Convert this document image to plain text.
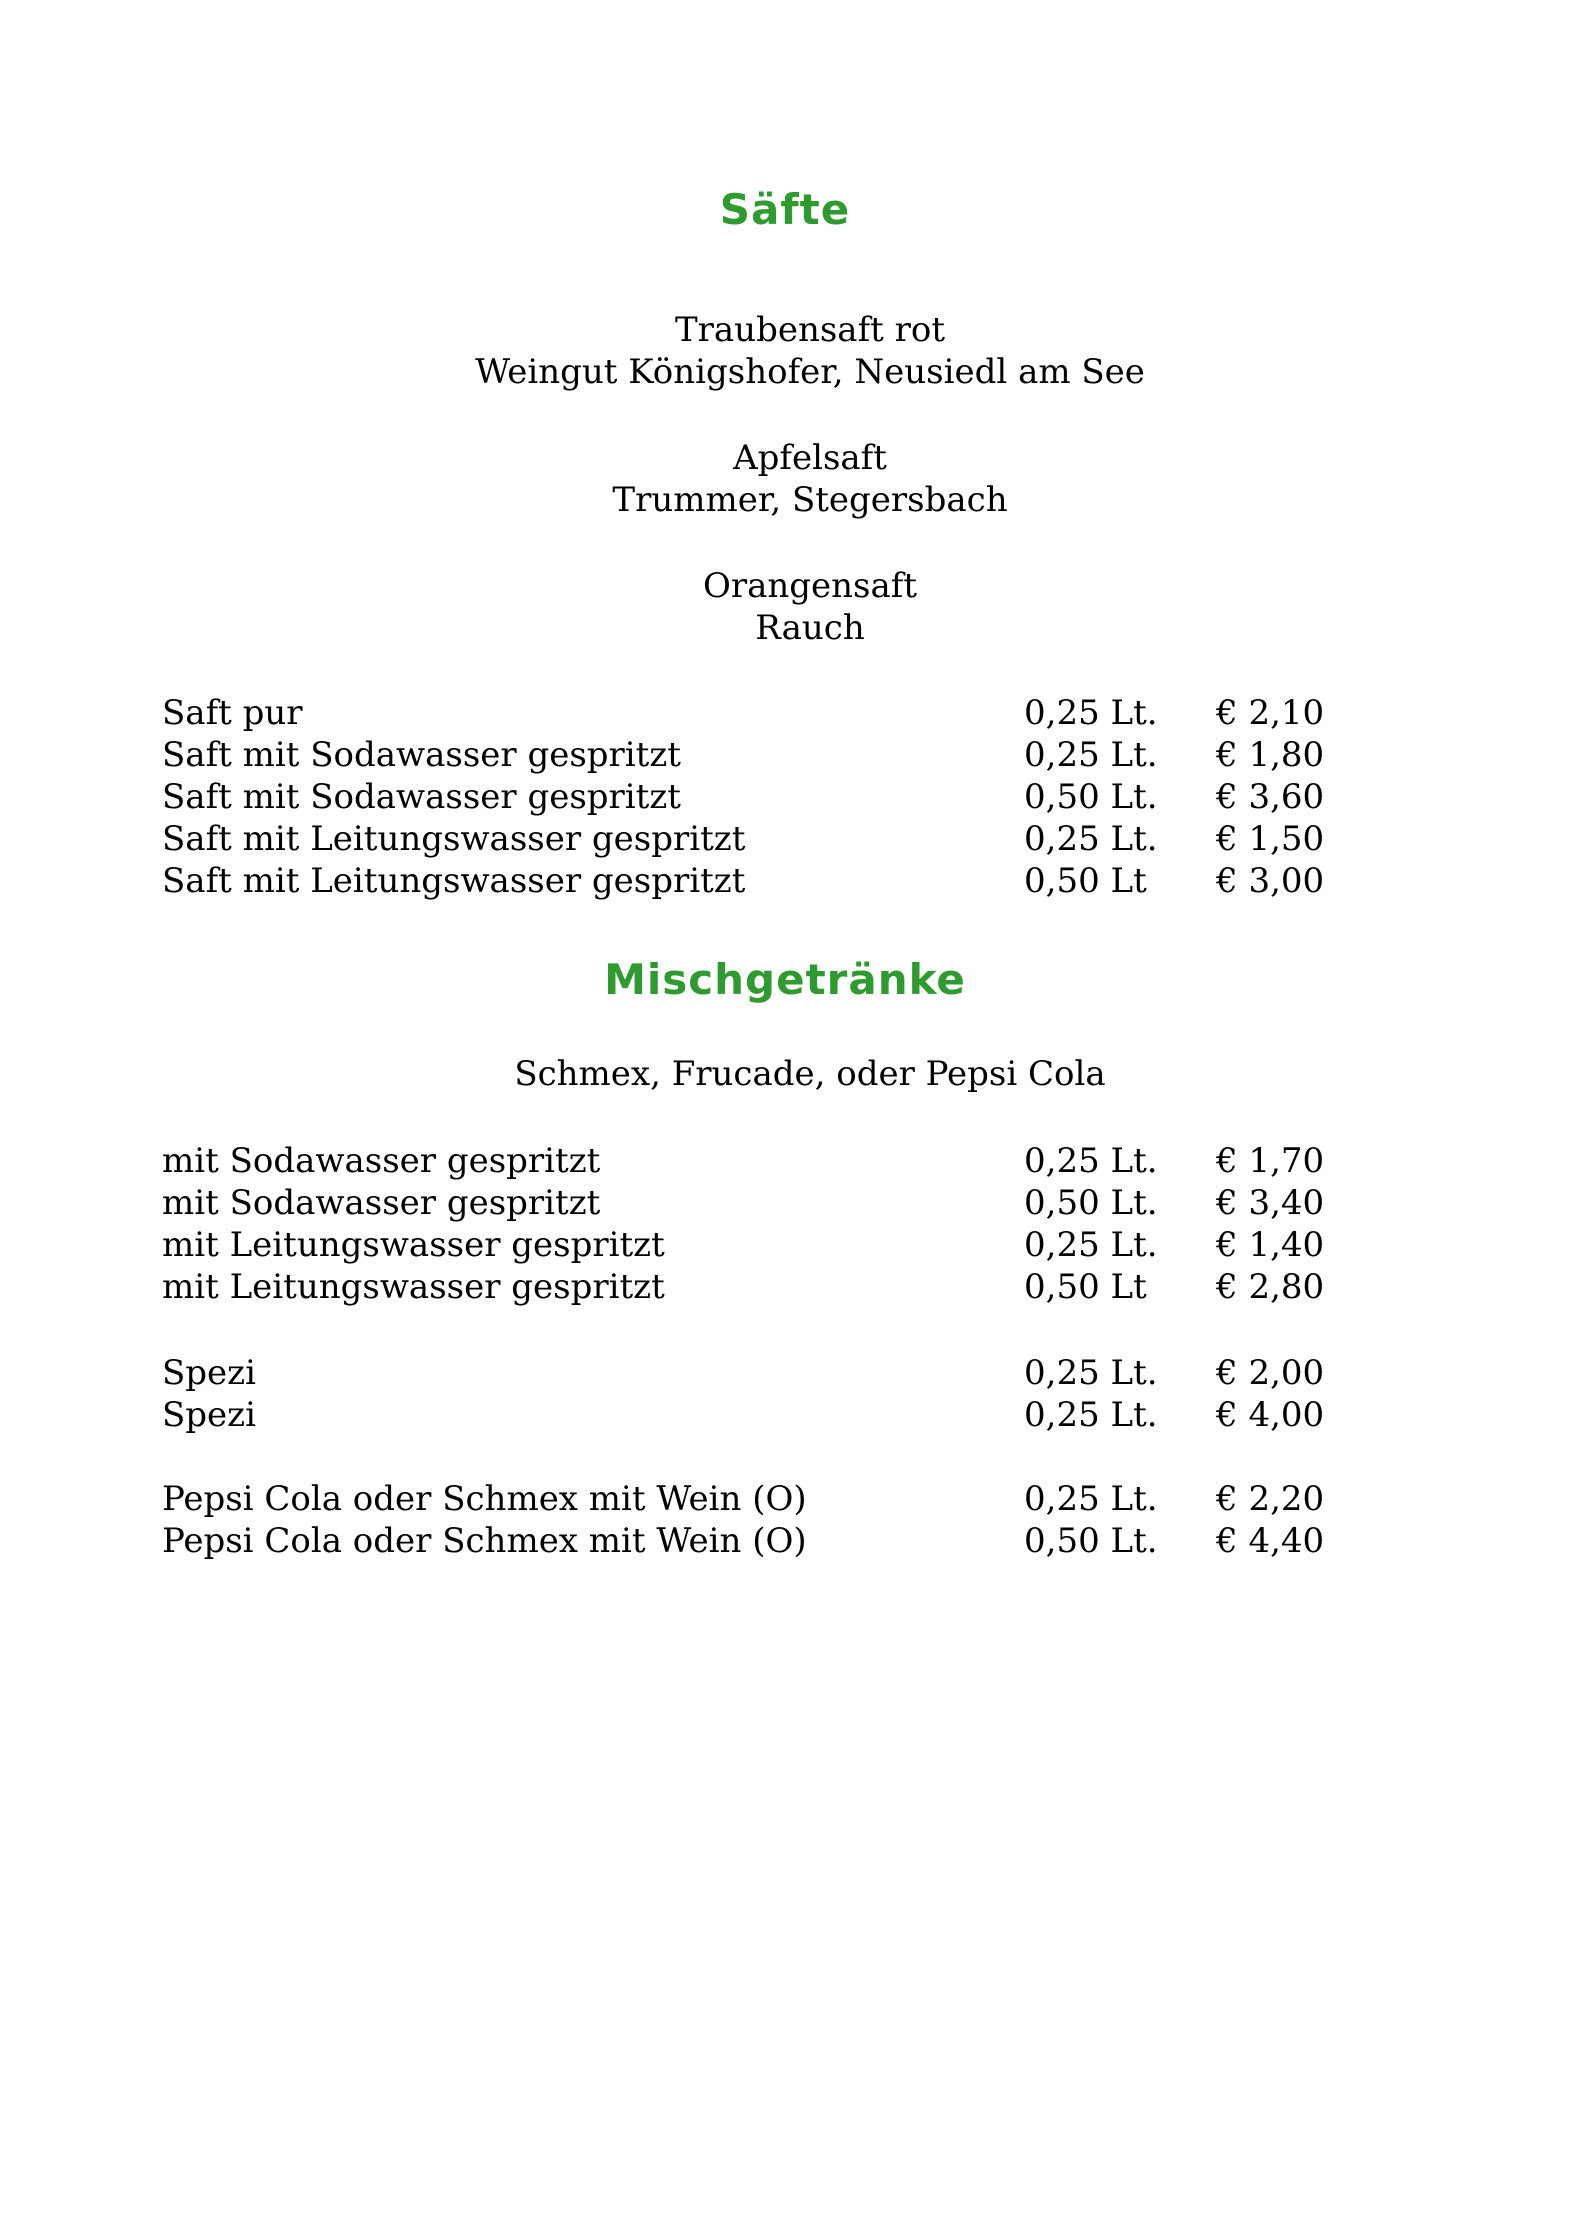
Säfte
Traubensaft rot
Weingut Königshofer, Neusiedl am See
Apfelsaft
Trummer, Stegersbach
Orangensaft
Rauch
Saft pur	0,25 Lt. € 2,10
Saft mit Sodawasser gespritzt	0,25 Lt. € 1,80
Saft mit Sodawasser gespritzt	0,50 Lt. € 3,60
Saft mit Leitungswasser gespritzt	0,25 Lt. € 1,50
Saft mit Leitungswasser gespritzt	0,50 Lt € 3,00
Mischgetränke
Schmex, Frucade, oder Pepsi Cola
mit Sodawasser gespritzt	0,25 Lt. € 1,70
mit Sodawasser gespritzt	0,50 Lt. € 3,40
mit Leitungswasser gespritzt	0,25 Lt. € 1,40
mit Leitungswasser gespritzt	0,50 Lt € 2,80
Spezi	0,25 Lt. € 2,00
Spezi	0,25 Lt. € 4,00
Pepsi Cola oder Schmex mit Wein (O)	0,25 Lt. € 2,20
Pepsi Cola oder Schmex mit Wein (O)	0,50 Lt. € 4,40
